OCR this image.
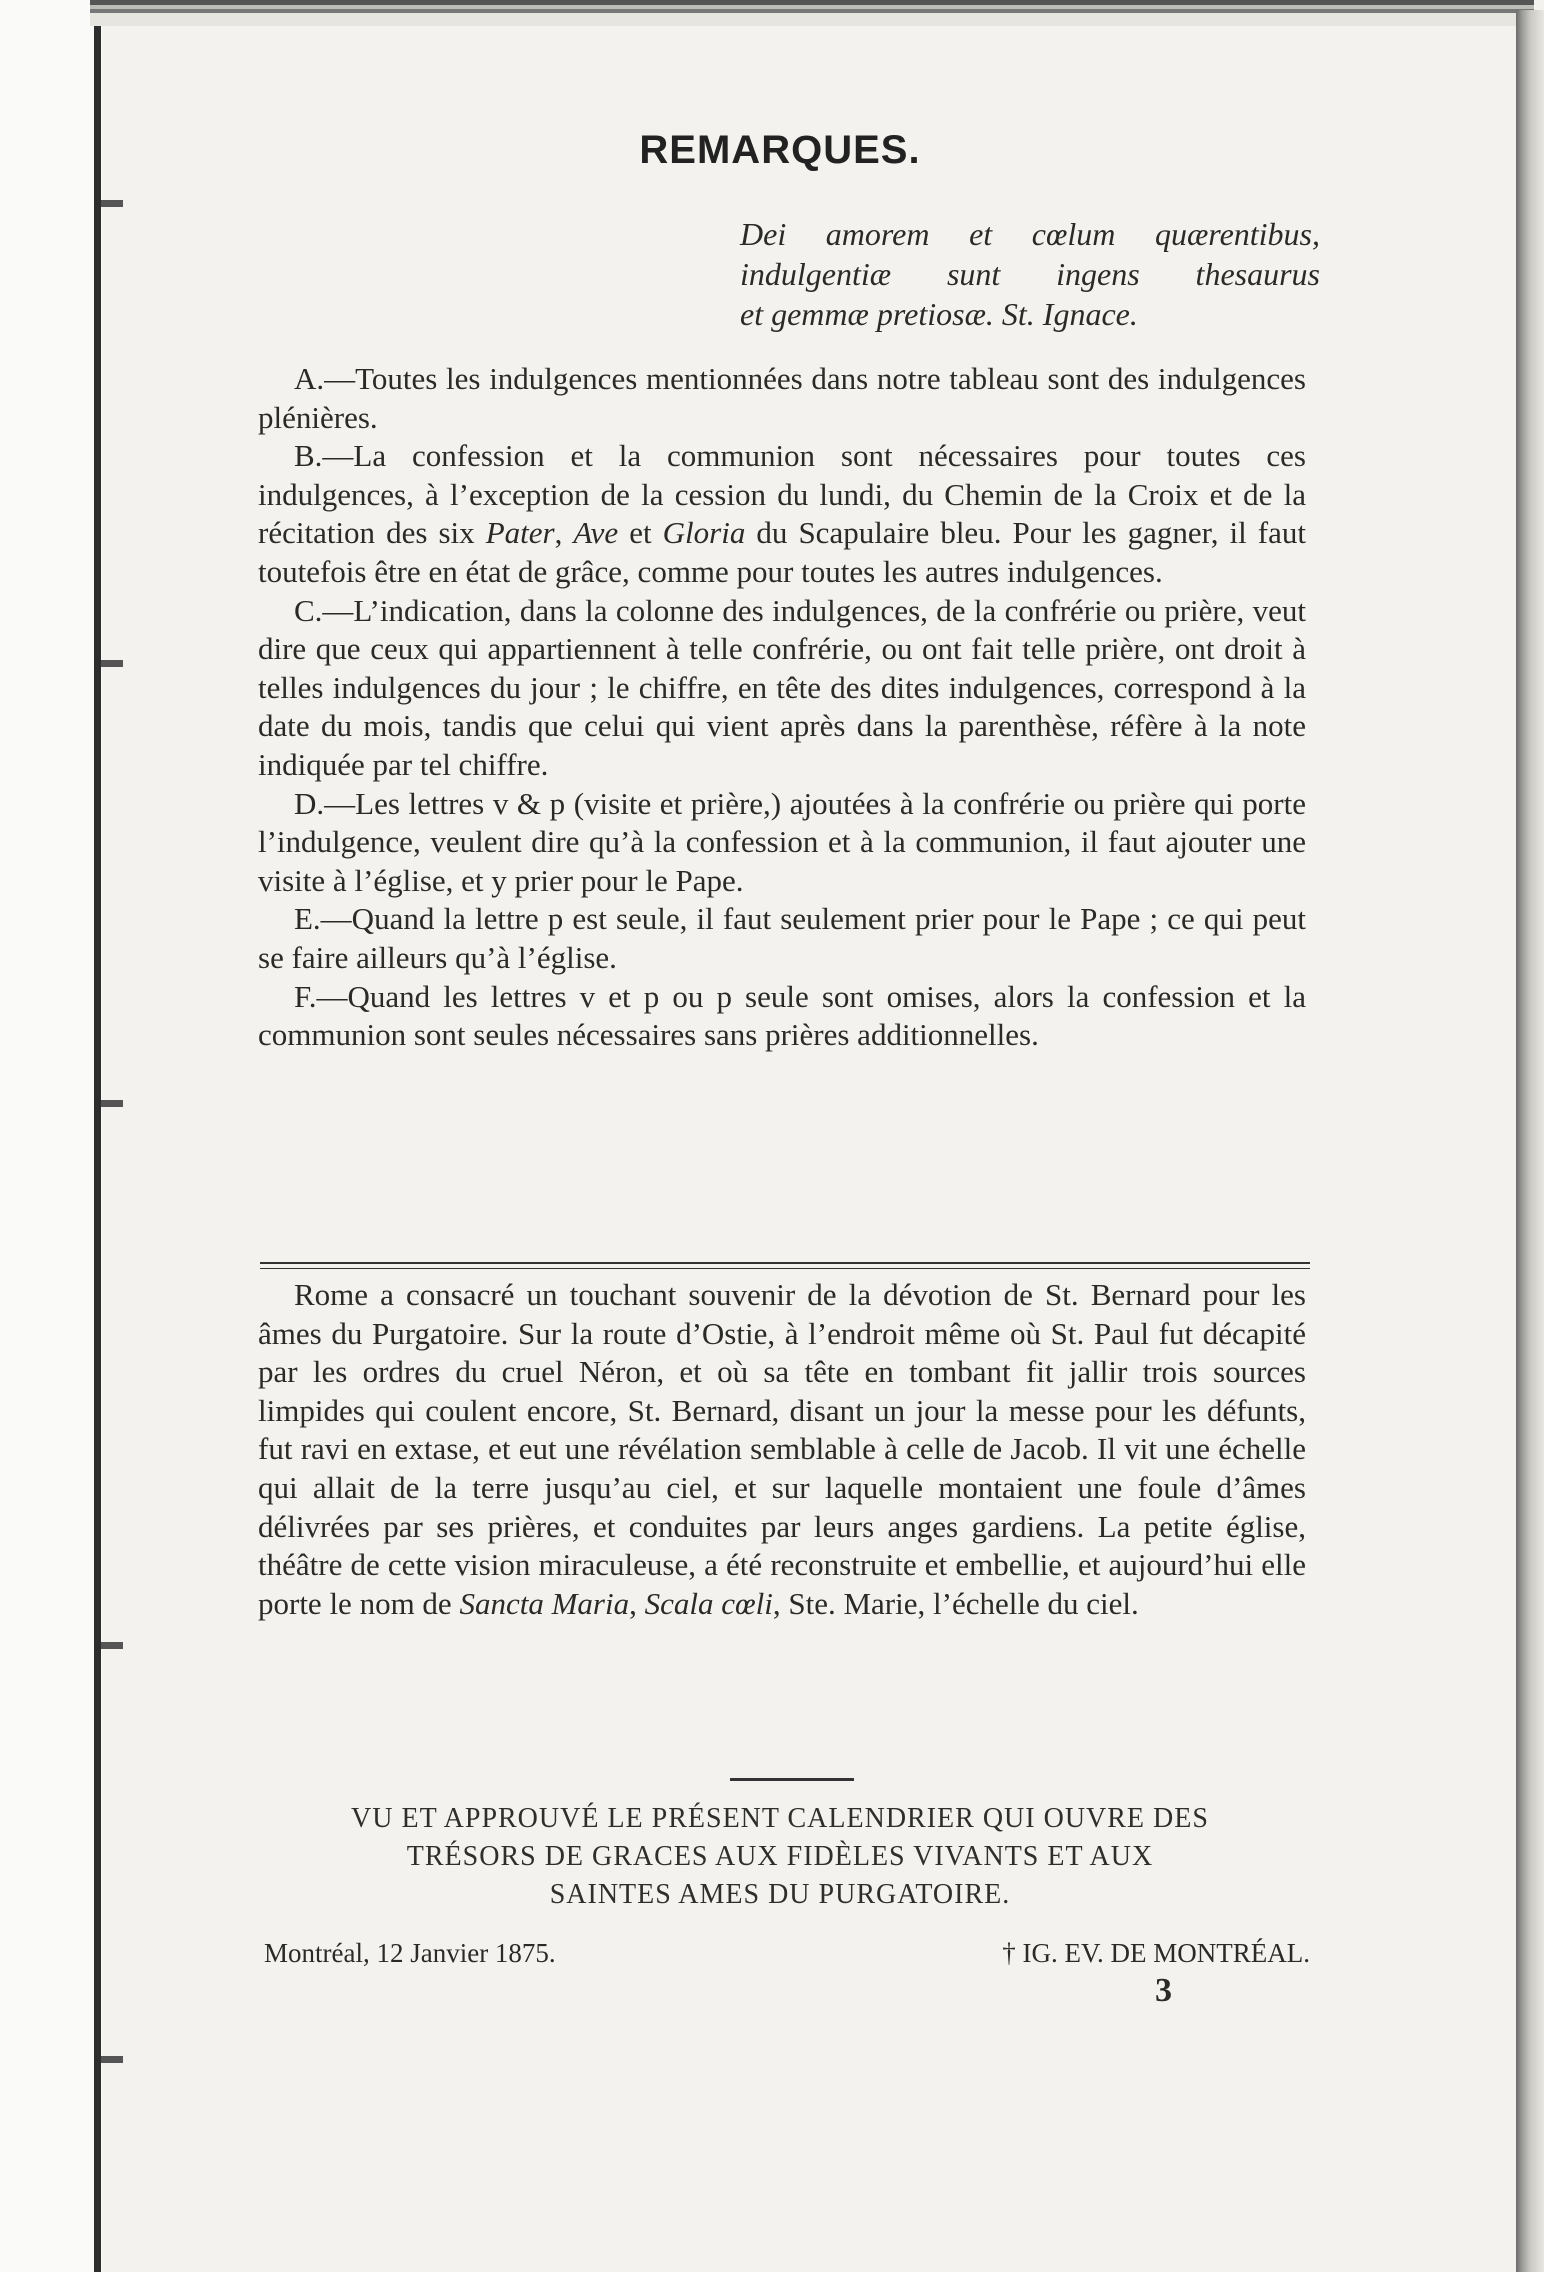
REMARQUES.
Dei amorem et cœlum quærentibus,
indulgentiæ sunt ingens thesaurus
et gemmæ pretiosæ. St. Ignace.

A.—Toutes les indulgences mentionnées dans notre tableau sont des indulgences plénières.

B.—La confession et la communion sont nécessaires pour toutes ces indulgences, à l’exception de la cession du lundi, du Chemin de la Croix et de la récitation des six Pater, Ave et Gloria du Scapulaire bleu. Pour les gagner, il faut toutefois être en état de grâce, comme pour toutes les autres indulgences.

C.—L’indication, dans la colonne des indulgences, de la confrérie ou prière, veut dire que ceux qui appartiennent à telle confrérie, ou ont fait telle prière, ont droit à telles indulgences du jour ; le chiffre, en tête des dites indulgences, correspond à la date du mois, tandis que celui qui vient après dans la parenthèse, réfère à la note indiquée par tel chiffre.

D.—Les lettres v & p (visite et prière,) ajoutées à la confrérie ou prière qui porte l’indulgence, veulent dire qu’à la confession et à la communion, il faut ajouter une visite à l’église, et y prier pour le Pape.

E.—Quand la lettre p est seule, il faut seulement prier pour le Pape ; ce qui peut se faire ailleurs qu’à l’église.

F.—Quand les lettres v et p ou p seule sont omises, alors la confession et la communion sont seules nécessaires sans prières additionnelles.

Rome a consacré un touchant souvenir de la dévotion de St. Bernard pour les âmes du Purgatoire. Sur la route d’Ostie, à l’endroit même où St. Paul fut décapité par les ordres du cruel Néron, et où sa tête en tombant fit jallir trois sources limpides qui coulent encore, St. Bernard, disant un jour la messe pour les défunts, fut ravi en extase, et eut une révélation semblable à celle de Jacob. Il vit une échelle qui allait de la terre jusqu’au ciel, et sur laquelle montaient une foule d’âmes délivrées par ses prières, et conduites par leurs anges gardiens. La petite église, théâtre de cette vision miraculeuse, a été reconstruite et embellie, et aujourd’hui elle porte le nom de Sancta Maria, Scala cœli, Ste. Marie, l’échelle du ciel.

VU ET APPROUVÉ LE PRÉSENT CALENDRIER QUI OUVRE DES
TRÉSORS DE GRACES AUX FIDÈLES VIVANTS ET AUX
SAINTES AMES DU PURGATOIRE.
Montréal, 12 Janvier 1875.	† IG. EV. DE MONTRÉAL.
3
